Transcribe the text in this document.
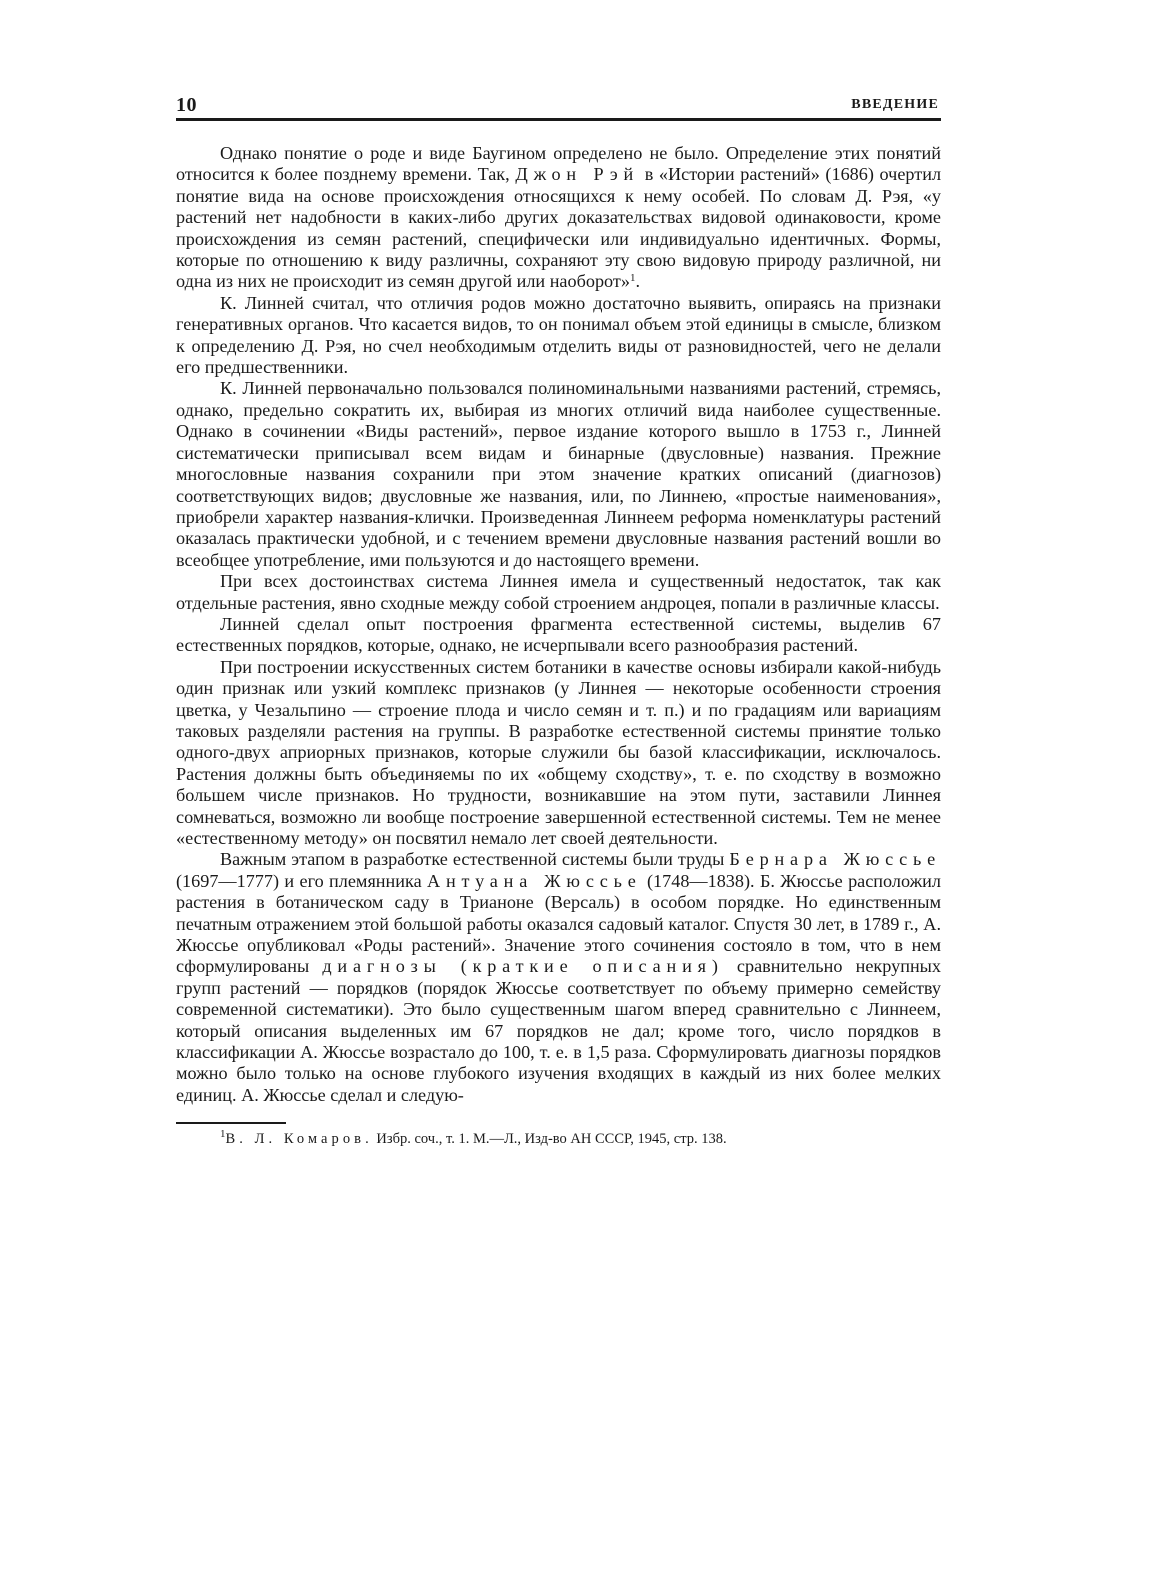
10	ВВЕДЕНИЕ

Однако понятие о роде и виде Баугином определено не было. Определение этих понятий относится к более позднему времени. Так, Джон Рэй в «Истории растений» (1686) очертил понятие вида на основе происхождения относящихся к нему особей. По словам Д. Рэя, «у растений нет надобности в каких-либо других доказательствах видовой одинаковости, кроме происхождения из семян растений, специфически или индивидуально идентичных. Формы, которые по отношению к виду различны, сохраняют эту свою видовую природу различной, ни одна из них не происходит из семян другой или наоборот»$^1$.

К. Линней считал, что отличия родов можно достаточно выявить, опираясь на признаки генеративных органов. Что касается видов, то он понимал объем этой единицы в смысле, близком к определению Д. Рэя, но счел необходимым отделить виды от разновидностей, чего не делали его предшественники.

К. Линней первоначально пользовался полиноминальными названиями растений, стремясь, однако, предельно сократить их, выбирая из многих отличий вида наиболее существенные. Однако в сочинении «Виды растений», первое издание которого вышло в 1753 г., Линней систематически приписывал всем видам и бинарные (двусловные) названия. Прежние многословные названия сохранили при этом значение кратких описаний (диагнозов) соответствующих видов; двусловные же названия, или, по Линнею, «простые наименования», приобрели характер названия-клички. Произведенная Линнеем реформа номенклатуры растений оказалась практически удобной, и с течением времени двусловные названия растений вошли во всеобщее употребление, ими пользуются и до настоящего времени.

При всех достоинствах система Линнея имела и существенный недостаток, так как отдельные растения, явно сходные между собой строением андроцея, попали в различные классы.

Линней сделал опыт построения фрагмента естественной системы, выделив 67 естественных порядков, которые, однако, не исчерпывали всего разнообразия растений.

При построении искусственных систем ботаники в качестве основы избирали какой-нибудь один признак или узкий комплекс признаков (у Линнея — некоторые особенности строения цветка, у Чезальпино — строение плода и число семян и т. п.) и по градациям или вариациям таковых разделяли растения на группы. В разработке естественной системы принятие только одного-двух априорных признаков, которые служили бы базой классификации, исключалось. Растения должны быть объединяемы по их «общему сходству», т. е. по сходству в возможно большем числе признаков. Но трудности, возникавшие на этом пути, заставили Линнея сомневаться, возможно ли вообще построение завершенной естественной системы. Тем не менее «естественному методу» он посвятил немало лет своей деятельности.

Важным этапом в разработке естественной системы были труды Бернара Жюссье (1697—1777) и его племянника Антуана Жюссье (1748—1838). Б. Жюссье расположил растения в ботаническом саду в Трианоне (Версаль) в особом порядке. Но единственным печатным отражением этой большой работы оказался садовый каталог. Спустя 30 лет, в 1789 г., А. Жюссье опубликовал «Роды растений». Значение этого сочинения состояло в том, что в нем сформулированы диагнозы (краткие описания) сравнительно некрупных групп растений — порядков (порядок Жюссье соответствует по объему примерно семейству современной систематики). Это было существенным шагом вперед сравнительно с Линнеем, который описания выделенных им 67 порядков не дал; кроме того, число порядков в классификации А. Жюссье возрастало до 100, т. е. в 1,5 раза. Сформулировать диагнозы порядков можно было только на основе глубокого изучения входящих в каждый из них более мелких единиц. А. Жюссье сделал и следую-

$^1$В. Л. Комаров. Избр. соч., т. 1. М.—Л., Изд-во АН СССР, 1945, стр. 138.
